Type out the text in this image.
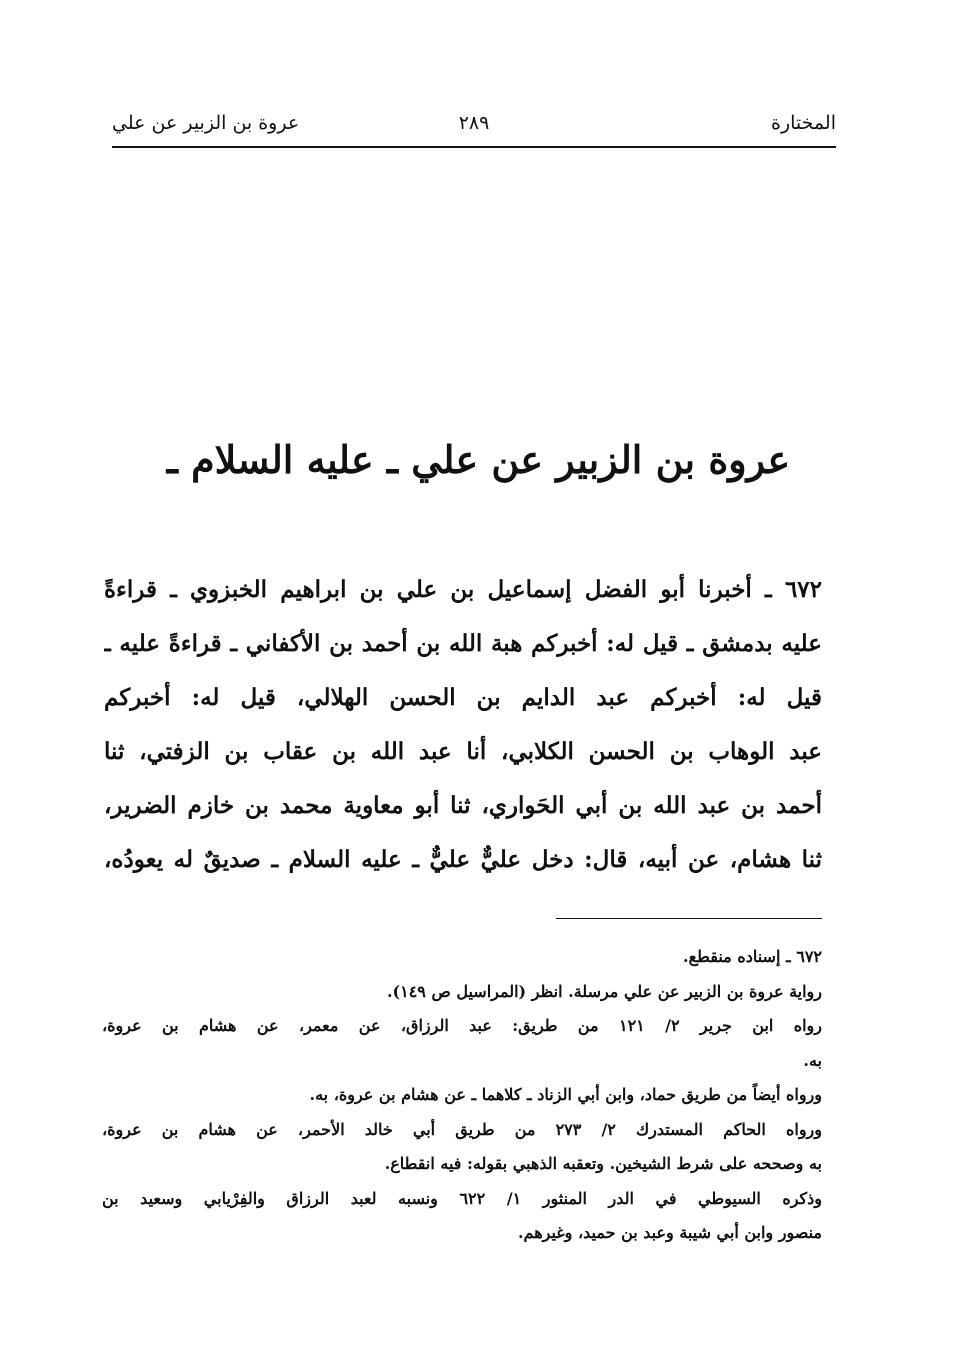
المختارة
٢٨٩
عروة بن الزبير عن علي
عروة بن الزبير عن علي ـ عليه السلام ـ
٦٧٢ ـ أخبرنا أبو الفضل إسماعيل بن علي بن ابراهيم الخبزوي ـ قراءةً
عليه بدمشق ـ قيل له: أخبركم هبة الله بن أحمد بن الأكفاني ـ قراءةً عليه ـ
قيل له: أخبركم عبد الدايم بن الحسن الهلالي، قيل له: أخبركم
عبد الوهاب بن الحسن الكلابي، أنا عبد الله بن عقاب بن الزفتي، ثنا
أحمد بن عبد الله بن أبي الحَواري، ثنا أبو معاوية محمد بن خازم الضرير،
ثنا هشام، عن أبيه، قال: دخل عليٌّ عليٌّ ـ عليه السلام ـ صديقٌ له يعودُه،
٦٧٢ ـ إسناده منقطع.
رواية عروة بن الزبير عن علي مرسلة. انظر (المراسيل ص ١٤٩).
رواه ابن جرير ٢/ ١٢١ من طريق: عبد الرزاق، عن معمر، عن هشام بن عروة،
به.
ورواه أيضاً من طريق حماد، وابن أبي الزناد ـ كلاهما ـ عن هشام بن عروة، به.
ورواه الحاكم المستدرك ٢/ ٢٧٣ من طريق أبي خالد الأحمر، عن هشام بن عروة،
به وصححه على شرط الشيخين. وتعقبه الذهبي بقوله: فيه انقطاع.
وذكره السيوطي في الدر المنثور ١/ ٦٢٢ ونسبه لعبد الرزاق والفِرْيابي وسعيد بن
منصور وابن أبي شيبة وعبد بن حميد، وغيرهم.
